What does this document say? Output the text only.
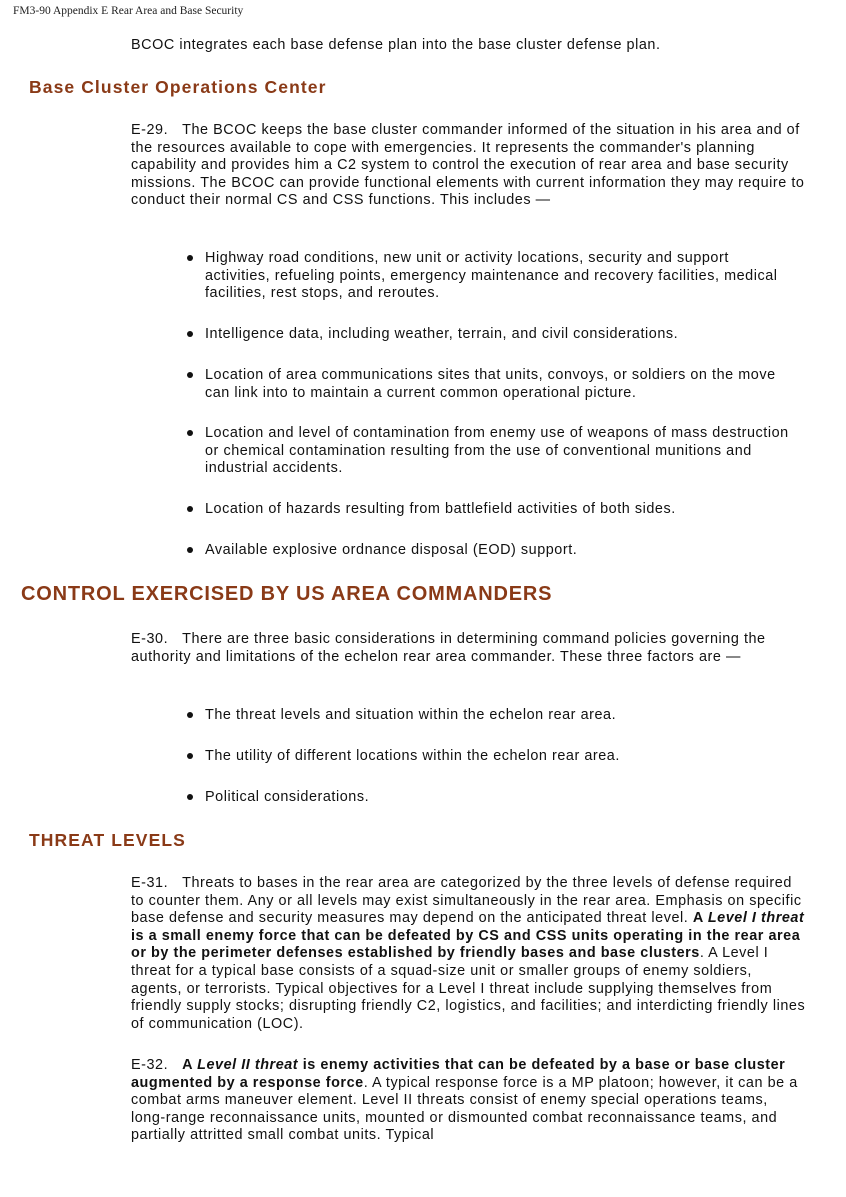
FM3-90 Appendix E Rear Area and Base Security

BCOC integrates each base defense plan into the base cluster defense plan.

Base Cluster Operations Center

E-29. The BCOC keeps the base cluster commander informed of the situation in his area and of the resources available to cope with emergencies. It represents the commander's planning capability and provides him a C2 system to control the execution of rear area and base security missions. The BCOC can provide functional elements with current information they may require to conduct their normal CS and CSS functions. This includes —

Highway road conditions, new unit or activity locations, security and support activities, refueling points, emergency maintenance and recovery facilities, medical facilities, rest stops, and reroutes.
Intelligence data, including weather, terrain, and civil considerations.
Location of area communications sites that units, convoys, or soldiers on the move can link into to maintain a current common operational picture.
Location and level of contamination from enemy use of weapons of mass destruction or chemical contamination resulting from the use of conventional munitions and industrial accidents.
Location of hazards resulting from battlefield activities of both sides.
Available explosive ordnance disposal (EOD) support.
CONTROL EXERCISED BY US AREA COMMANDERS

E-30. There are three basic considerations in determining command policies governing the authority and limitations of the echelon rear area commander. These three factors are —

The threat levels and situation within the echelon rear area.
The utility of different locations within the echelon rear area.
Political considerations.
THREAT LEVELS

E-31. Threats to bases in the rear area are categorized by the three levels of defense required to counter them. Any or all levels may exist simultaneously in the rear area. Emphasis on specific base defense and security measures may depend on the anticipated threat level. A Level I threat is a small enemy force that can be defeated by CS and CSS units operating in the rear area or by the perimeter defenses established by friendly bases and base clusters. A Level I threat for a typical base consists of a squad-size unit or smaller groups of enemy soldiers, agents, or terrorists. Typical objectives for a Level I threat include supplying themselves from friendly supply stocks; disrupting friendly C2, logistics, and facilities; and interdicting friendly lines of communication (LOC).

E-32. A Level II threat is enemy activities that can be defeated by a base or base cluster augmented by a response force. A typical response force is a MP platoon; however, it can be a combat arms maneuver element. Level II threats consist of enemy special operations teams, long-range reconnaissance units, mounted or dismounted combat reconnaissance teams, and partially attritted small combat units. Typical
